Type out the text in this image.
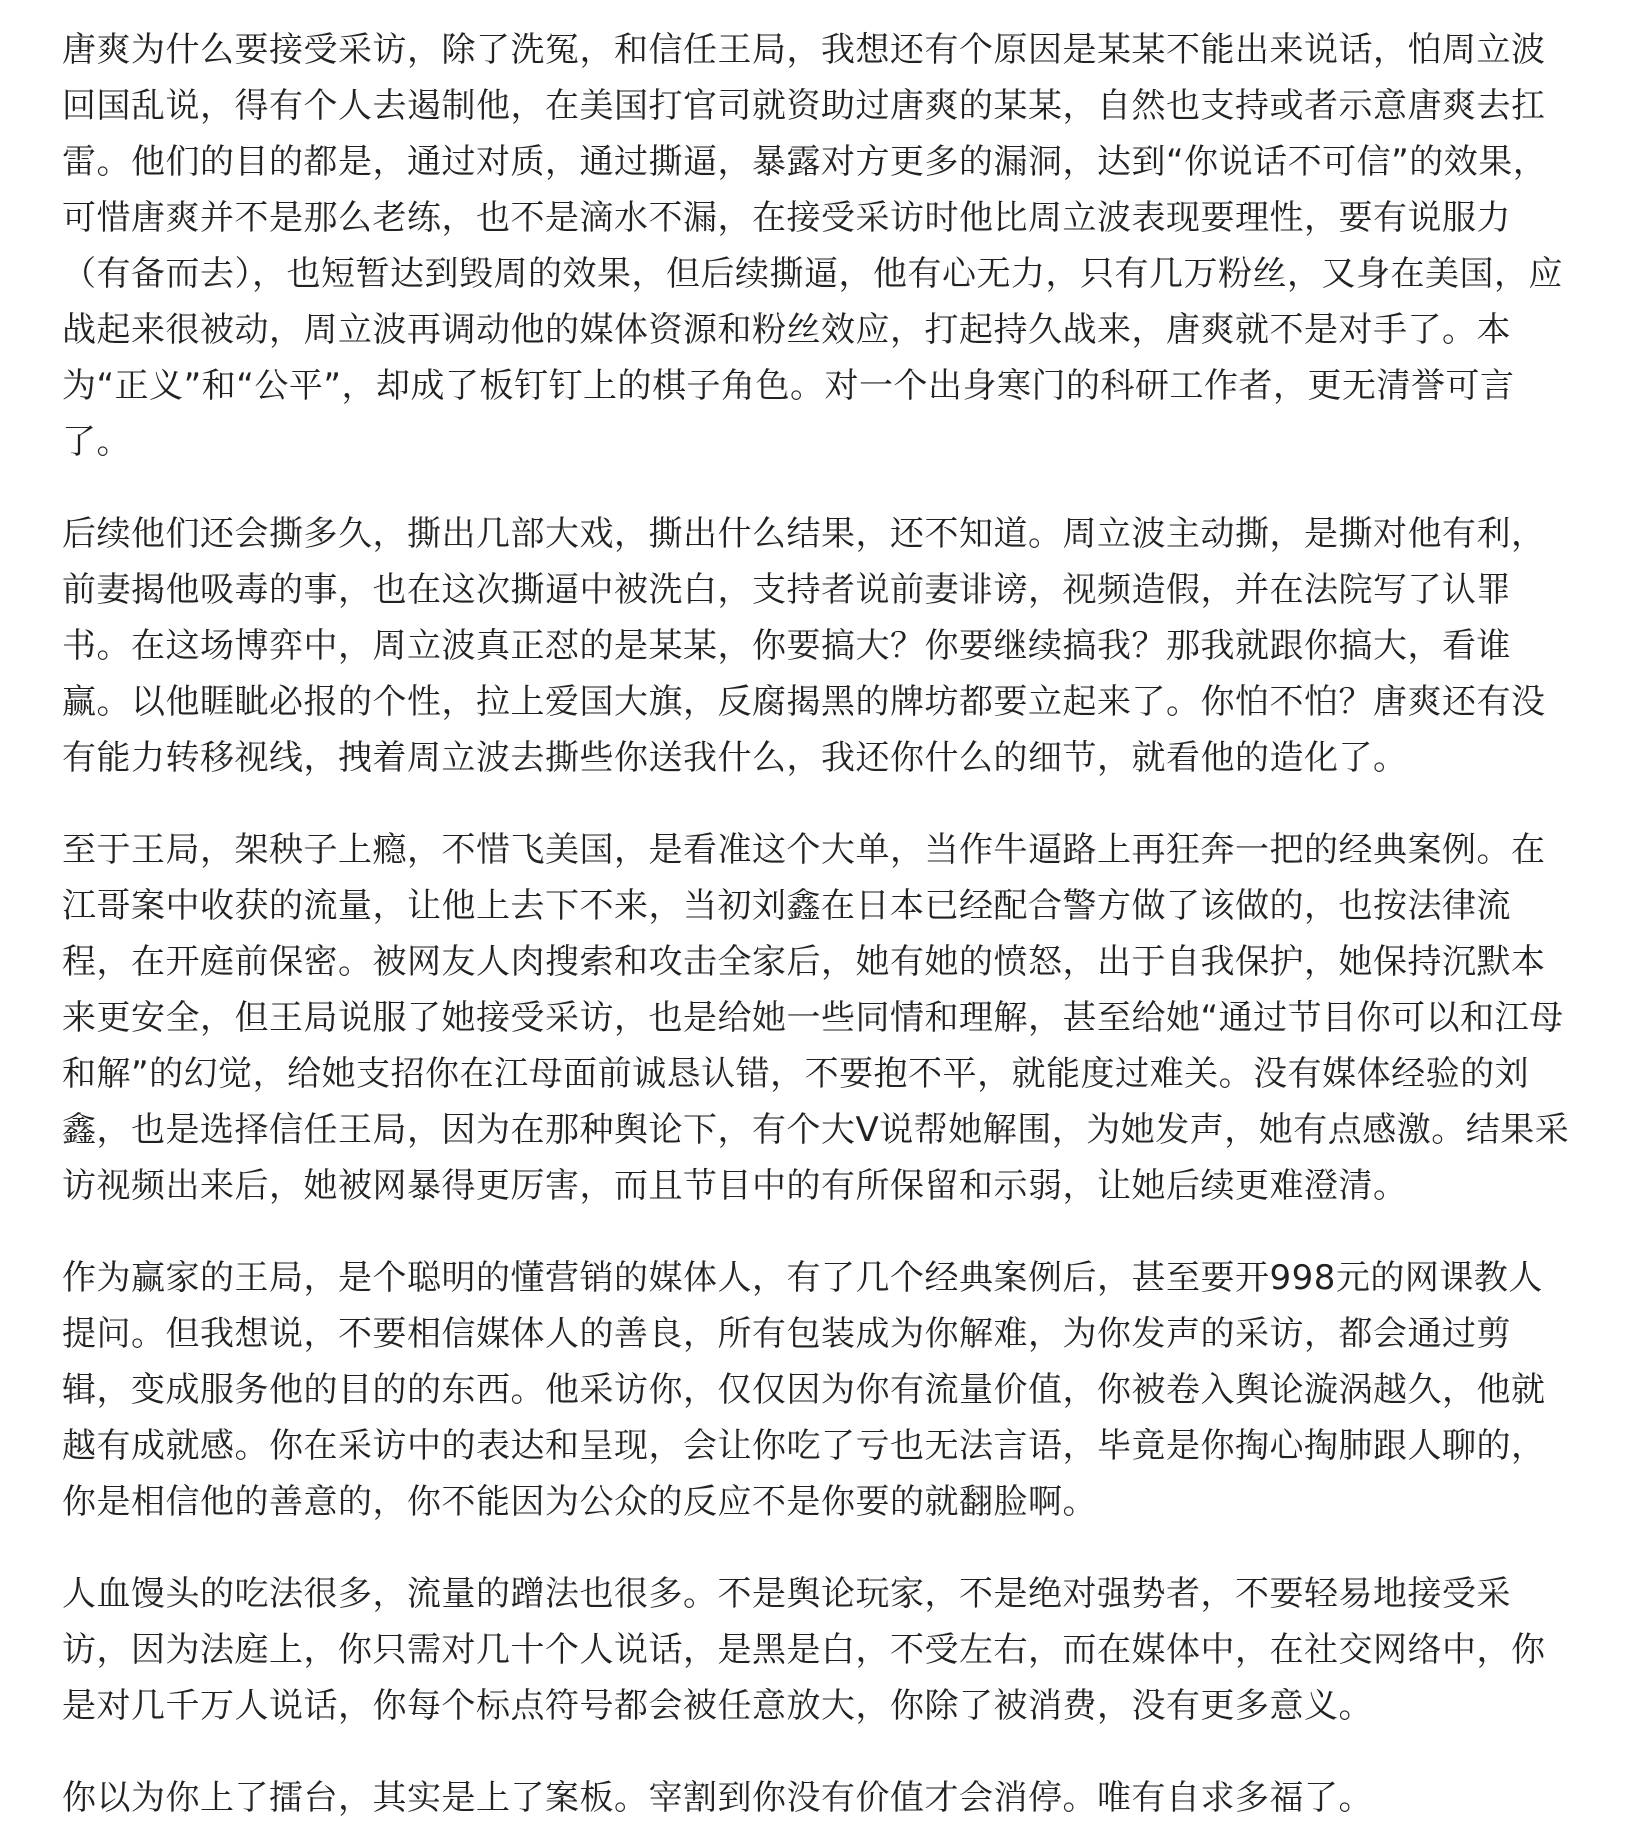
唐爽为什么要接受采访，除了洗冤，和信任王局，我想还有个原因是某某不能出来说话，怕周立波回国乱说，得有个人去遏制他，在美国打官司就资助过唐爽的某某，自然也支持或者示意唐爽去扛雷。他们的目的都是，通过对质，通过撕逼，暴露对方更多的漏洞，达到“你说话不可信”的效果，可惜唐爽并不是那么老练，也不是滴水不漏，在接受采访时他比周立波表现要理性，要有说服力（有备而去），也短暂达到毁周的效果，但后续撕逼，他有心无力，只有几万粉丝，又身在美国，应战起来很被动，周立波再调动他的媒体资源和粉丝效应，打起持久战来，唐爽就不是对手了。本为“正义”和“公平”，却成了板钉钉上的棋子角色。对一个出身寒门的科研工作者，更无清誉可言了。

后续他们还会撕多久，撕出几部大戏，撕出什么结果，还不知道。周立波主动撕，是撕对他有利，前妻揭他吸毒的事，也在这次撕逼中被洗白，支持者说前妻诽谤，视频造假，并在法院写了认罪书。在这场博弈中，周立波真正怼的是某某，你要搞大？你要继续搞我？那我就跟你搞大，看谁赢。以他睚眦必报的个性，拉上爱国大旗，反腐揭黑的牌坊都要立起来了。你怕不怕？唐爽还有没有能力转移视线，拽着周立波去撕些你送我什么，我还你什么的细节，就看他的造化了。

至于王局，架秧子上瘾，不惜飞美国，是看准这个大单，当作牛逼路上再狂奔一把的经典案例。在江哥案中收获的流量，让他上去下不来，当初刘鑫在日本已经配合警方做了该做的，也按法律流程，在开庭前保密。被网友人肉搜索和攻击全家后，她有她的愤怒，出于自我保护，她保持沉默本来更安全，但王局说服了她接受采访，也是给她一些同情和理解，甚至给她“通过节目你可以和江母和解”的幻觉，给她支招你在江母面前诚恳认错，不要抱不平，就能度过难关。没有媒体经验的刘鑫，也是选择信任王局，因为在那种舆论下，有个大V说帮她解围，为她发声，她有点感激。结果采访视频出来后，她被网暴得更厉害，而且节目中的有所保留和示弱，让她后续更难澄清。

作为赢家的王局，是个聪明的懂营销的媒体人，有了几个经典案例后，甚至要开998元的网课教人提问。但我想说，不要相信媒体人的善良，所有包装成为你解难，为你发声的采访，都会通过剪辑，变成服务他的目的的东西。他采访你，仅仅因为你有流量价值，你被卷入舆论漩涡越久，他就越有成就感。你在采访中的表达和呈现，会让你吃了亏也无法言语，毕竟是你掏心掏肺跟人聊的，你是相信他的善意的，你不能因为公众的反应不是你要的就翻脸啊。

人血馒头的吃法很多，流量的蹭法也很多。不是舆论玩家，不是绝对强势者，不要轻易地接受采访，因为法庭上，你只需对几十个人说话，是黑是白，不受左右，而在媒体中，在社交网络中，你是对几千万人说话，你每个标点符号都会被任意放大，你除了被消费，没有更多意义。

你以为你上了擂台，其实是上了案板。宰割到你没有价值才会消停。唯有自求多福了。
